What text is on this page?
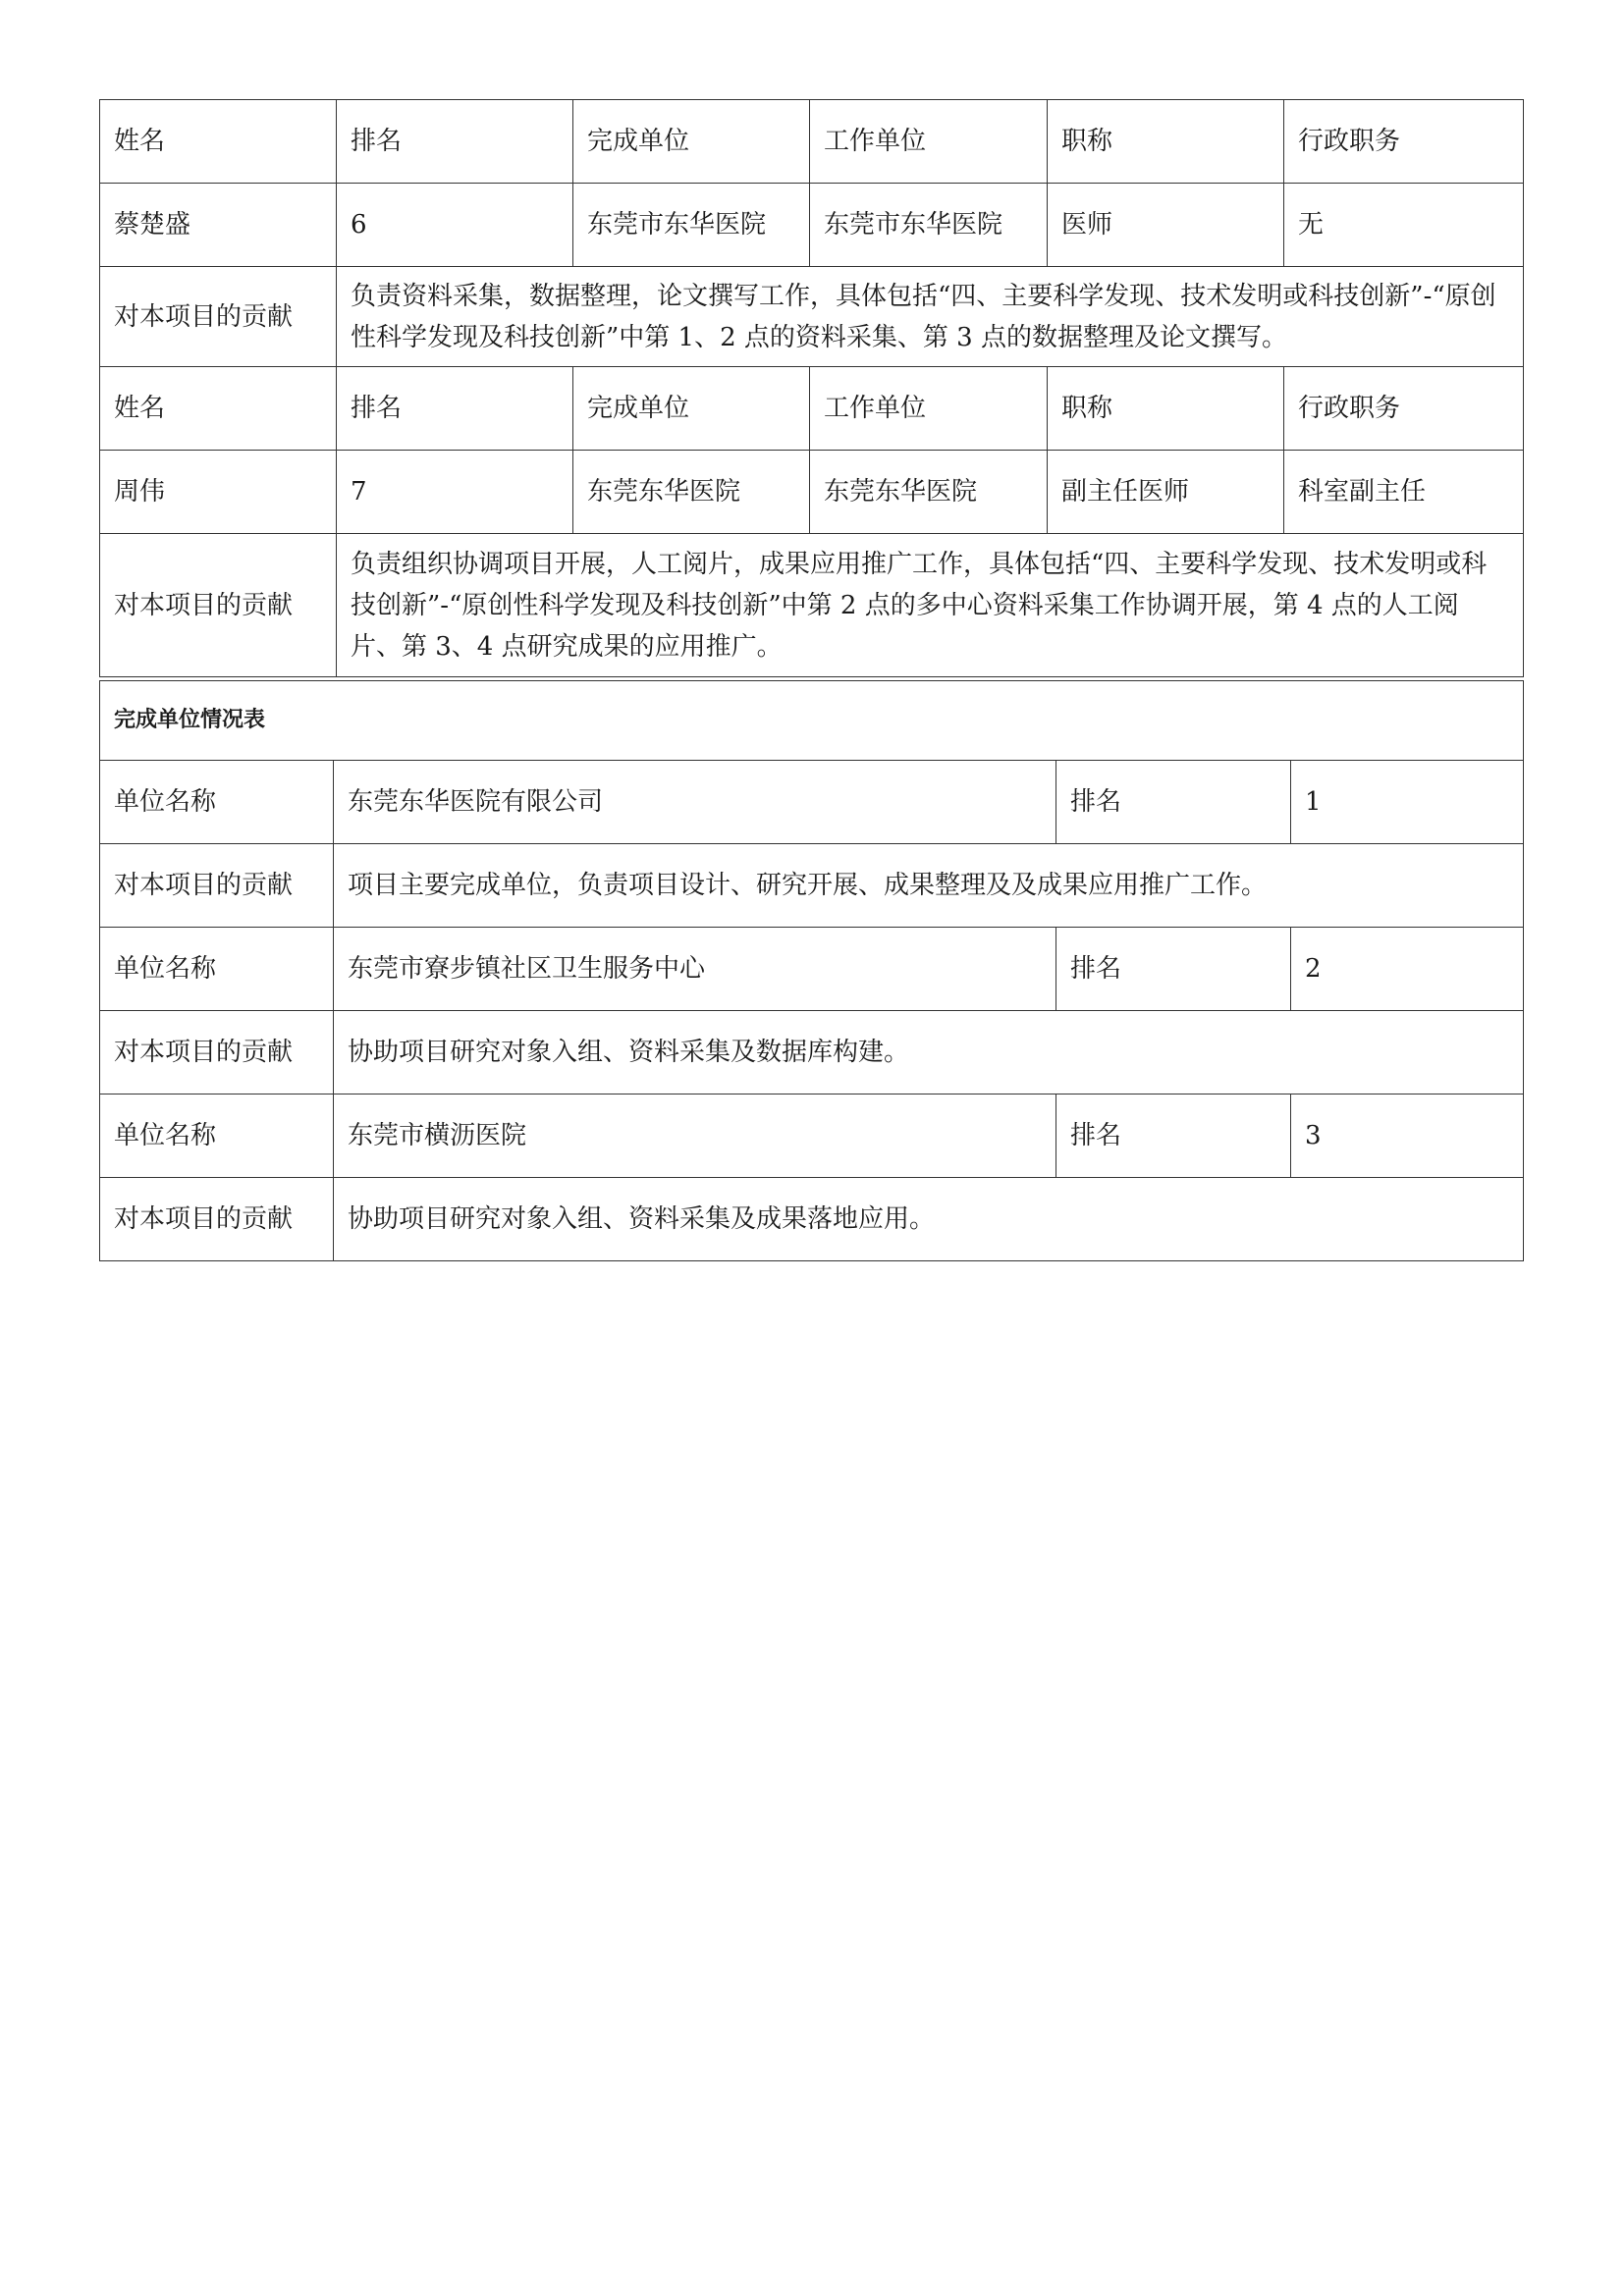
姓名	排名	完成单位	工作单位	职称	行政职务
蔡楚盛	6	东莞市东华医院	东莞市东华医院	医师	无
对本项目的贡献	负责资料采集，数据整理，论文撰写工作，具体包括“四、主要科学发现、技术发明或科技创新”-“原创性科学发现及科技创新”中第 1、2 点的资料采集、第 3 点的数据整理及论文撰写。				
姓名	排名	完成单位	工作单位	职称	行政职务
周伟	7	东莞东华医院	东莞东华医院	副主任医师	科室副主任
对本项目的贡献	负责组织协调项目开展，人工阅片，成果应用推广工作，具体包括“四、主要科学发现、技术发明或科技创新”-“原创性科学发现及科技创新”中第 2 点的多中心资料采集工作协调开展，第 4 点的人工阅片、第 3、4 点研究成果的应用推广。				
完成单位情况表			
单位名称	东莞东华医院有限公司	排名	1
对本项目的贡献	项目主要完成单位，负责项目设计、研究开展、成果整理及及成果应用推广工作。		
单位名称	东莞市寮步镇社区卫生服务中心	排名	2
对本项目的贡献	协助项目研究对象入组、资料采集及数据库构建。		
单位名称	东莞市横沥医院	排名	3
对本项目的贡献	协助项目研究对象入组、资料采集及成果落地应用。		
